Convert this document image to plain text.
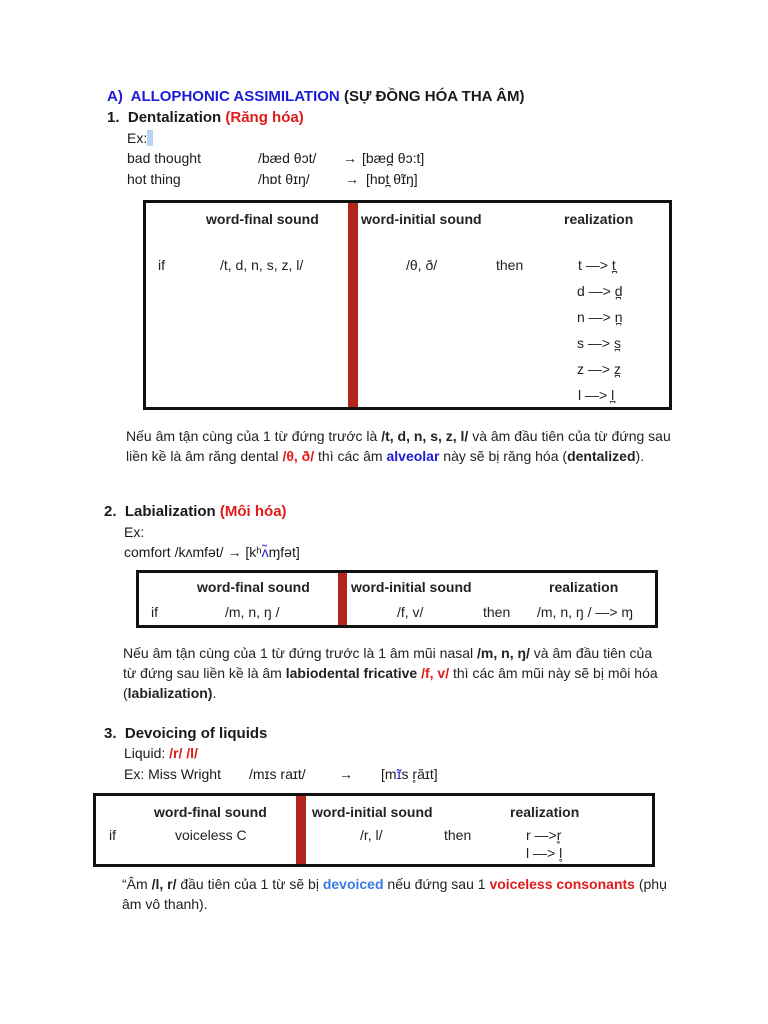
A) ALLOPHONIC ASSIMILATION (SỰ ĐỒNG HÓA THA ÂM)
1. Dentalization (Răng hóa)
Ex:
bad thought	/bæd θɔt/ → [bæd̪ θɔ:t]
hot thing	/hɒt θɪŋ/	→ [hɒt̪ θɪ̃ŋ]
word-final sound	word-initial sound	realization
if	/t, d, n, s, z, l/	/θ, ð/	then	t —> t̪
d —> d̪
n —> n̪
s —> s̪
z —> z̪
l —> l̪
Nếu âm tận cùng của 1 từ đứng trước là /t, d, n, s, z, l/ và âm đầu tiên của từ đứng sau liền kề là âm răng dental /θ, ð/ thì các âm alveolar này sẽ bị răng hóa (dentalized).
2. Labialization (Môi hóa)
Ex:
comfort /kʌmfət/ → [kʰʌ̃ɱfət]
word-final sound	word-initial sound	realization
if	/m, n, ŋ /	/f, v/	then /m, n, ŋ / —> ɱ
Nếu âm tận cùng của 1 từ đứng trước là 1 âm mũi nasal /m, n, ŋ/ và âm đầu tiên của từ đứng sau liền kề là âm labiodental fricative /f, v/ thì các âm mũi này sẽ bị môi hóa (labialization).
3. Devoicing of liquids
Liquid: /r/ /l/
Ex: Miss Wright /mɪs raɪt/ → [mɪ̃s r̥ăɪt]
word-final sound	word-initial sound	realization
if	voiceless C	/r, l/	then	r —>r̥
l —> l̥
“Âm /l, r/ đầu tiên của 1 từ sẽ bị devoiced nếu đứng sau 1 voiceless consonants (phụ âm vô thanh).
